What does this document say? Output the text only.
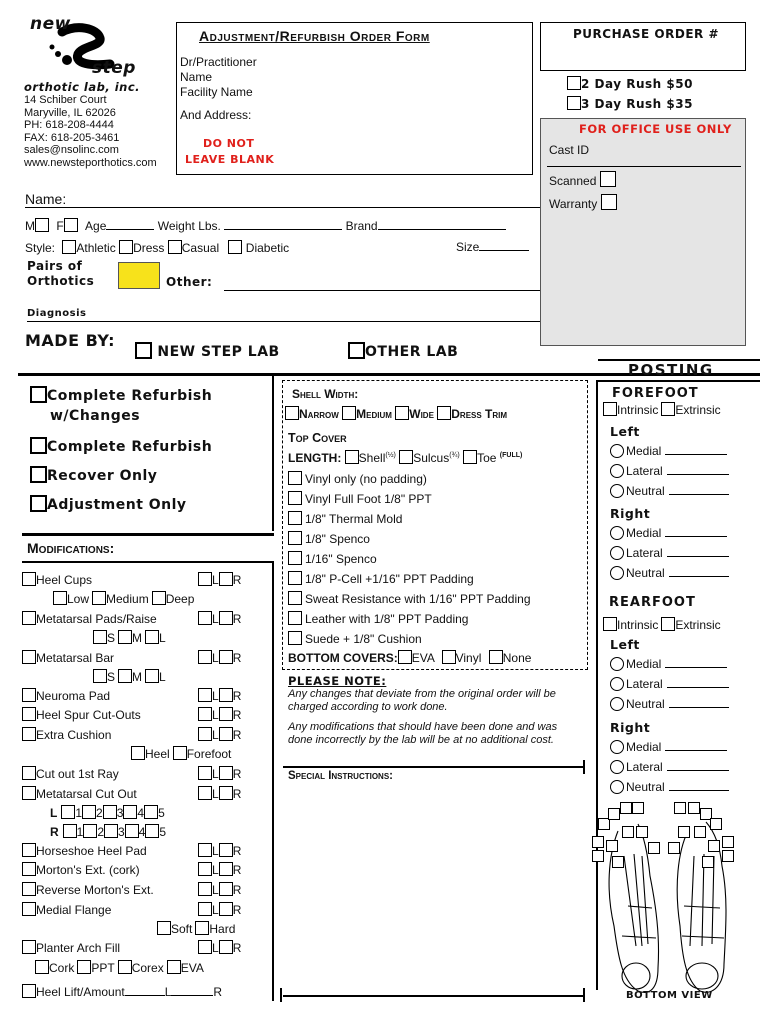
new
step
orthotic lab, inc.
14 Schiber Court
Maryville, IL 62026
PH: 618-208-4444
FAX: 618-205-3461
sales@nsolinc.com
www.newsteporthotics.com
Adjustment/Refurbish Order Form
Dr/Practitioner
Name
Facility Name
And Address:
DO NOT
LEAVE BLANK
PURCHASE ORDER #
2 Day Rush $50
3 Day Rush $35
FOR OFFICE USE ONLY
Cast ID
Scanned
Warranty
Name:
M F Age	Weight Lbs.	Brand
Style: Athletic Dress Casual Diabetic	Size
Pairs of
Orthotics	Other:
Diagnosis
MADE BY:
NEW STEP LAB	OTHER LAB
Complete Refurbish
w/Changes
Complete Refurbish
Recover Only
Adjustment Only
Modifications:
Heel Cups	L R
Metatarsal Pads/Raise	L R
Metatarsal Bar	L R
Neuroma Pad	L R
Heel Spur Cut-Outs	L R
Extra Cushion	L R
Cut out 1st Ray	L R
Metatarsal Cut Out	L R
Horseshoe Heel Pad	L R
Morton's Ext. (cork)	L R
Reverse Morton's Ext.	L R
Medial Flange	L R
Planter Arch Fill	L R
Low Medium Deep
S M L
S M L
Heel Forefoot
Soft Hard
Cork PPT Corex EVA
L 1 2 3 4 5
R 1 2 3 4 5
Heel Lift/Amount	L	R
Shell Width:
Narrow Medium Wide Dress Trim
Top Cover
LENGTH: Shell$^{(\frac{1}{2})}$ Sulcus$^{(\frac{3}{4})}$ Toe $^{(FULL)}$
Vinyl only (no padding)
Vinyl Full Foot 1/8" PPT
1/8" Thermal Mold
1/8" Spenco
1/16" Spenco
1/8" P-Cell +1/16" PPT Padding
Sweat Resistance with 1/16" PPT Padding
Leather with 1/8" PPT Padding
Suede + 1/8" Cushion
BOTTOM COVERS: EVA Vinyl None
PLEASE NOTE:
Any changes that deviate from the original order will be charged according to work done.
Any modifications that should have been done and was done incorrectly by the lab will be at no additional cost.
Special Instructions:
POSTING
FOREFOOT
Intrinsic Extrinsic
Left
Medial
Lateral
Neutral
Right
Medial
Lateral
Neutral
Left
Medial
Lateral
Neutral
Right
Medial
Lateral
Neutral
REARFOOT
Intrinsic Extrinsic
BOTTOM VIEW
